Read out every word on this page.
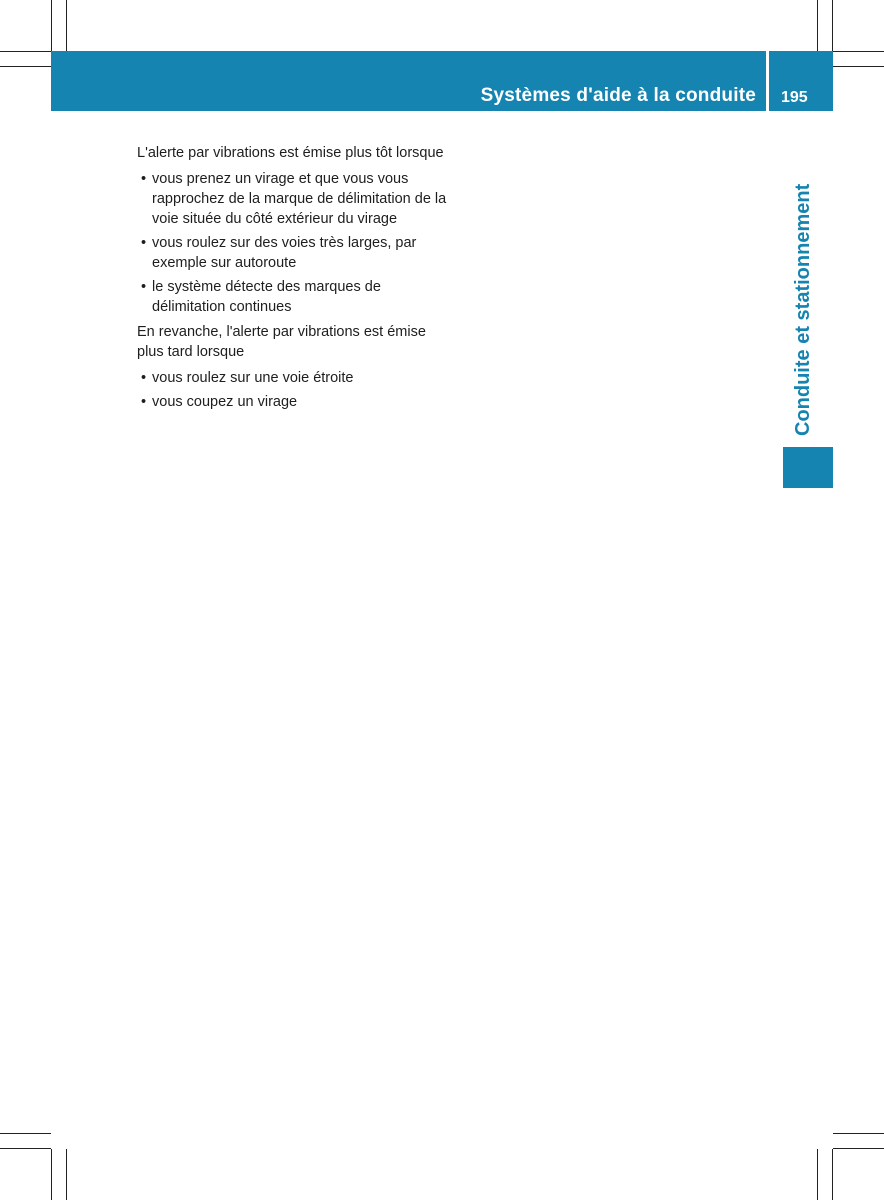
Systèmes d'aide à la conduite 195
Conduite et stationnement

L'alerte par vibrations est émise plus tôt lorsque

• vous prenez un virage et que vous vous rapprochez de la marque de délimitation de la voie située du côté extérieur du virage
• vous roulez sur des voies très larges, par exemple sur autoroute
• le système détecte des marques de délimitation continues

En revanche, l'alerte par vibrations est émise plus tard lorsque

• vous roulez sur une voie étroite
• vous coupez un virage
